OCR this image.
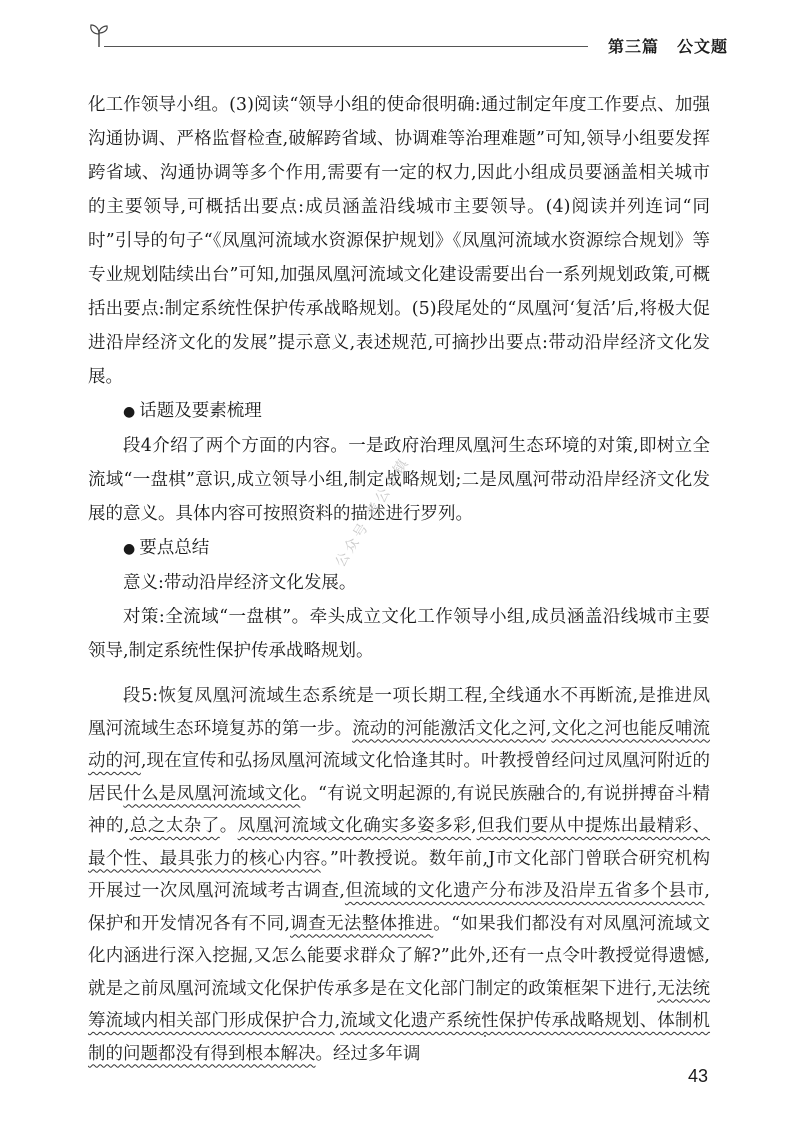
第三篇 公文题

化工作领导小组。(3)阅读“领导小组的使命很明确:通过制定年度工作要点、加强沟通协调、严格监督检查,破解跨省域、协调难等治理难题”可知,领导小组要发挥跨省域、沟通协调等多个作用,需要有一定的权力,因此小组成员要涵盖相关城市的主要领导,可概括出要点:成员涵盖沿线城市主要领导。(4)阅读并列连词“同时”引导的句子“《凤凰河流域水资源保护规划》《凤凰河流域水资源综合规划》等专业规划陆续出台”可知,加强凤凰河流域文化建设需要出台一系列规划政策,可概括出要点:制定系统性保护传承战略规划。(5)段尾处的“凤凰河‘复活’后,将极大促进沿岸经济文化的发展”提示意义,表述规范,可摘抄出要点:带动沿岸经济文化发展。

● 话题及要素梳理

段4介绍了两个方面的内容。一是政府治理凤凰河生态环境的对策,即树立全流域“一盘棋”意识,成立领导小组,制定战略规划;二是凤凰河带动沿岸经济文化发展的意义。具体内容可按照资料的描述进行罗列。

● 要点总结

意义:带动沿岸经济文化发展。

对策:全流域“一盘棋”。牵头成立文化工作领导小组,成员涵盖沿线城市主要领导,制定系统性保护传承战略规划。

段5:恢复凤凰河流域生态系统是一项长期工程,全线通水不再断流,是推进凤凰河流域生态环境复苏的第一步。流动的河能激活文化之河,文化之河也能反哺流动的河,现在宣传和弘扬凤凰河流域文化恰逢其时。叶教授曾经问过凤凰河附近的居民什么是凤凰河流域文化。“有说文明起源的,有说民族融合的,有说拼搏奋斗精神的,总之太杂了。凤凰河流域文化确实多姿多彩,但我们要从中提炼出最精彩、最个性、最具张力的核心内容。”叶教授说。数年前,J市文化部门曾联合研究机构开展过一次凤凰河流域考古调查,但流域的文化遗产分布涉及沿岸五省多个县市,保护和开发情况各有不同,调查无法整体推进。“如果我们都没有对凤凰河流域文化内涵进行深入挖掘,又怎么能要求群众了解?”此外,还有一点令叶教授觉得遗憾,就是之前凤凰河流域文化保护传承多是在文化部门制定的政策框架下进行,无法统筹流域内相关部门形成保护合力,流域文化遗产系统性保护传承战略规划、体制机制的问题都没有得到根本解决。经过多年调

公众号 考公小镇
43
